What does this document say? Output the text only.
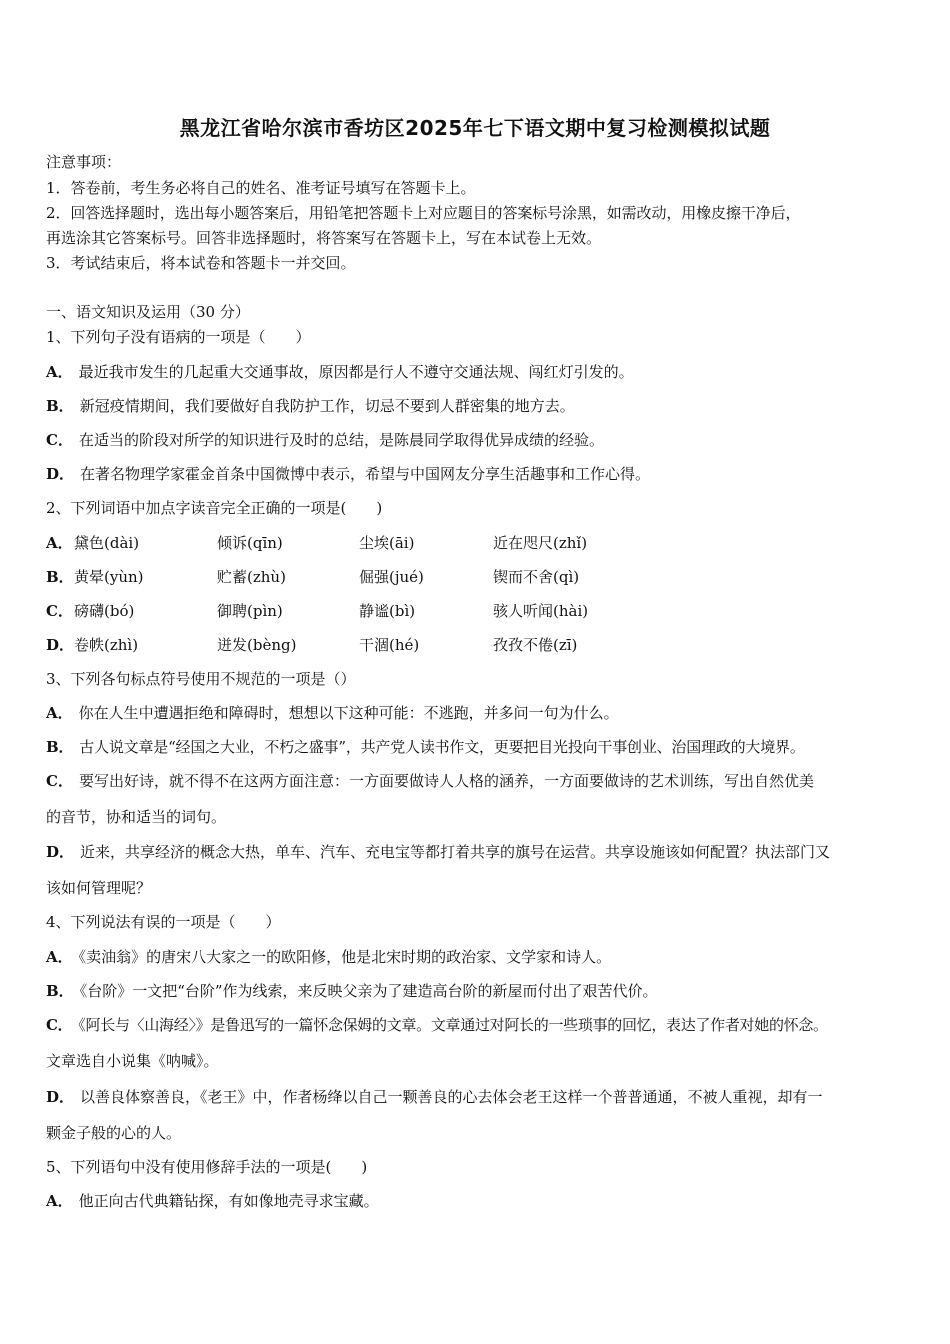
黑龙江省哈尔滨市香坊区2025年七下语文期中复习检测模拟试题
注意事项：
1．答卷前，考生务必将自己的姓名、准考证号填写在答题卡上。
2．回答选择题时，选出每小题答案后，用铅笔把答题卡上对应题目的答案标号涂黑，如需改动，用橡皮擦干净后，
再选涂其它答案标号。回答非选择题时，将答案写在答题卡上，写在本试卷上无效。
3．考试结束后，将本试卷和答题卡一并交回。
一、语文知识及运用（30 分）
1、下列句子没有语病的一项是（　　）
A． 最近我市发生的几起重大交通事故，原因都是行人不遵守交通法规、闯红灯引发的。
B． 新冠疫情期间，我们要做好自我防护工作，切忌不要到人群密集的地方去。
C． 在适当的阶段对所学的知识进行及时的总结，是陈晨同学取得优异成绩的经验。
D． 在著名物理学家霍金首条中国微博中表示，希望与中国网友分享生活趣事和工作心得。
2、下列词语中加点字读音完全正确的一项是(　　)
A． 黛色(dài)	倾诉(qīn)	尘埃(āi)	近在咫尺(zhǐ)
B． 黄晕(yùn)	贮蓄(zhù)	倔强(jué)	锲而不舍(qì)
C． 磅礴(bó)	御聘(pìn)	静谧(bì)	骇人听闻(hài)
D． 卷帙(zhì)	迸发(bèng)	干涸(hé)	孜孜不倦(zī)
3、下列各句标点符号使用不规范的一项是（）
A． 你在人生中遭遇拒绝和障碍时，想想以下这种可能：不逃跑，并多问一句为什么。
B． 古人说文章是“经国之大业，不朽之盛事”，共产党人读书作文，更要把目光投向干事创业、治国理政的大境界。
C． 要写出好诗，就不得不在这两方面注意：一方面要做诗人人格的涵养，一方面要做诗的艺术训练，写出自然优美
的音节，协和适当的词句。
D． 近来，共享经济的概念大热，单车、汽车、充电宝等都打着共享的旗号在运营。共享设施该如何配置？执法部门又
该如何管理呢？
4、下列说法有误的一项是（　　）
A． 《卖油翁》的唐宋八大家之一的欧阳修，他是北宋时期的政治家、文学家和诗人。
B． 《台阶》一文把“台阶”作为线索，来反映父亲为了建造高台阶的新屋而付出了艰苦代价。
C． 《阿长与〈山海经〉》是鲁迅写的一篇怀念保姆的文章。文章通过对阿长的一些琐事的回忆，表达了作者对她的怀念。
文章选自小说集《呐喊》。
D． 以善良体察善良，《老王》中，作者杨绛以自己一颗善良的心去体会老王这样一个普普通通，不被人重视，却有一
颗金子般的心的人。
5、下列语句中没有使用修辞手法的一项是(　　)
A． 他正向古代典籍钻探，有如像地壳寻求宝藏。
